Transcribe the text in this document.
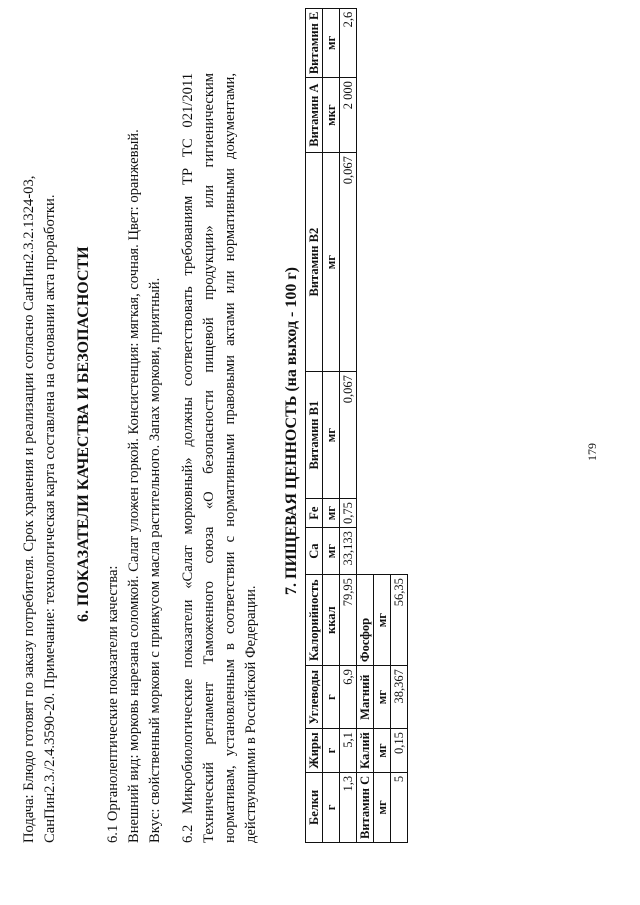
Подача: Блюдо готовят по заказу потребителя. Срок хранения и реализации согласно СанПин2.3.2.1324-03, СанПин2.3./2.4.3590-20. Примечание: технологическая карта составлена на основании акта проработки. 6. ПОКАЗАТЕЛИ КАЧЕСТВА И БЕЗОПАСНОСТИ
6.1 Органолептические показатели качества: Внешний вид: морковь нарезана соломкой. Салат уложен горкой. Консистенция: мягкая, сочная. Цвет: оранжевый. Вкус: свойственный моркови с привкусом масла растительного. Запах моркови, приятный. 6.2 Микробиологические показатели «Салат морковный» должны соответствовать требованиям ТР ТС 021/2011 Технический регламент Таможенного союза «О безопасности пищевой продукции» или гигиеническим нормативам, установленным в соответствии с нормативными правовыми актами или нормативными документами, действующими в Российской Федерации.
7. ПИЩЕВАЯ ЦЕННОСТЬ (на выход - 100 г)
Белки	Жиры	Углеводы	Калорийность	Ca	Fe	Витамин B1	Витамин B2	Витамин A	Витамин E
г	г	г	ккал	мг	мг	мг	мг	мкг	мг
1,3	5,1	6,9	79,95	33,133	0,75	0,067	0,067	2 000	2,6
Витамин C	Калий	Магний	Фосфор						
мг	мг	мг	мг						
5	0,15	38,367	56,35						
179
